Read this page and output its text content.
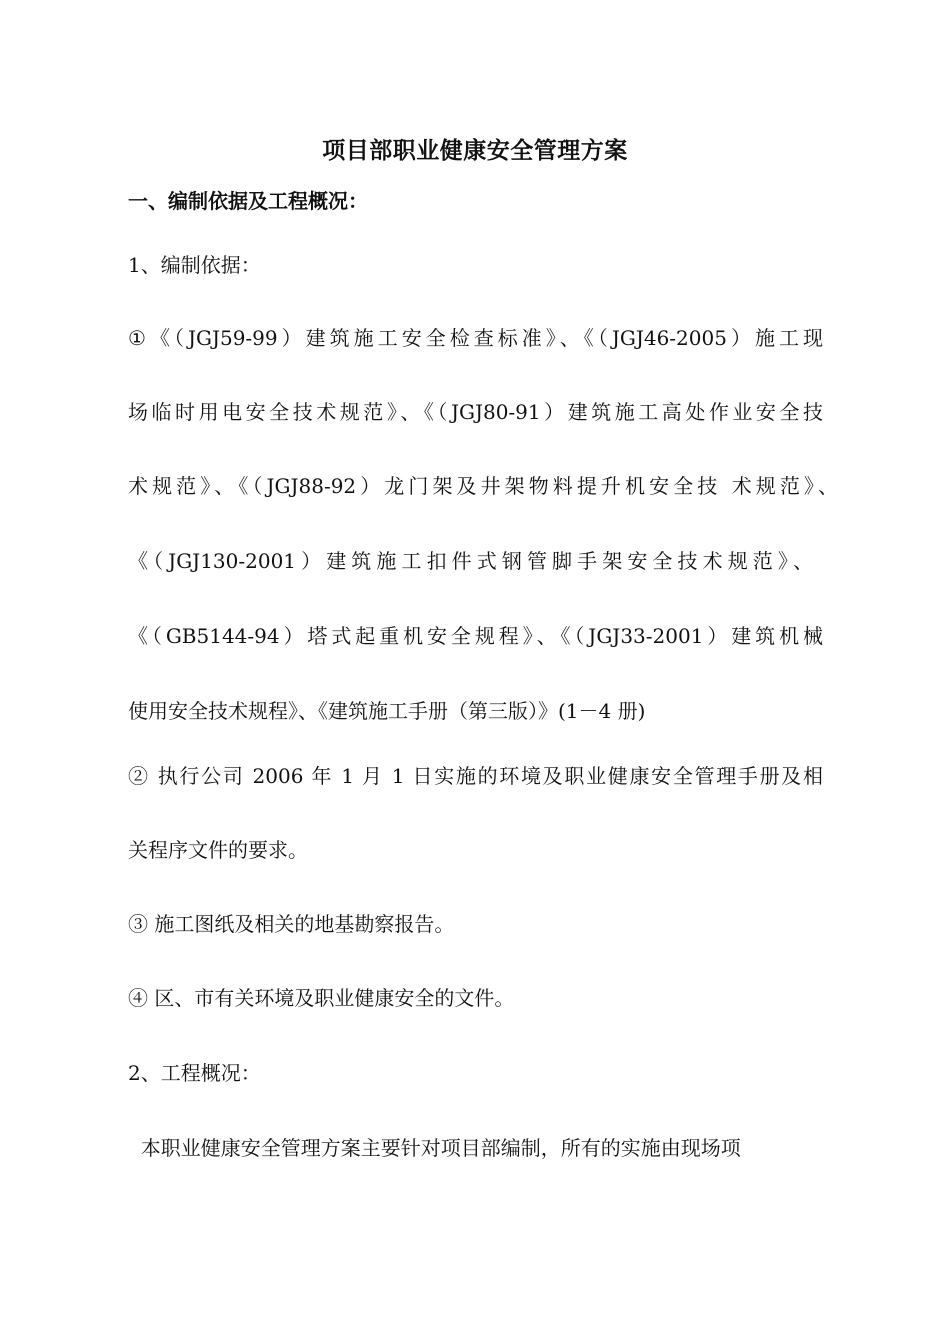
项目部职业健康安全管理方案
一、编制依据及工程概况：
1、编制依据：
①《（JGJ59-99）建筑施工安全检查标准》、《（JGJ46-2005）施工现
场临时用电安全技术规范》、《（JGJ80-91）建筑施工高处作业安全技
术规范》、《（JGJ88-92）龙门架及井架物料提升机安全技 术规范》、
《（JGJ130-2001）建筑施工扣件式钢管脚手架安全技术规范》、
《（GB5144-94）塔式起重机安全规程》、《（JGJ33-2001）建筑机械
使用安全技术规程》、《建筑施工手册（第三版）》(1－4 册)
② 执行公司 2006 年 1 月 1 日实施的环境及职业健康安全管理手册及相
关程序文件的要求。
③ 施工图纸及相关的地基勘察报告。
④ 区、市有关环境及职业健康安全的文件。
2、工程概况：
本职业健康安全管理方案主要针对项目部编制，所有的实施由现场项
